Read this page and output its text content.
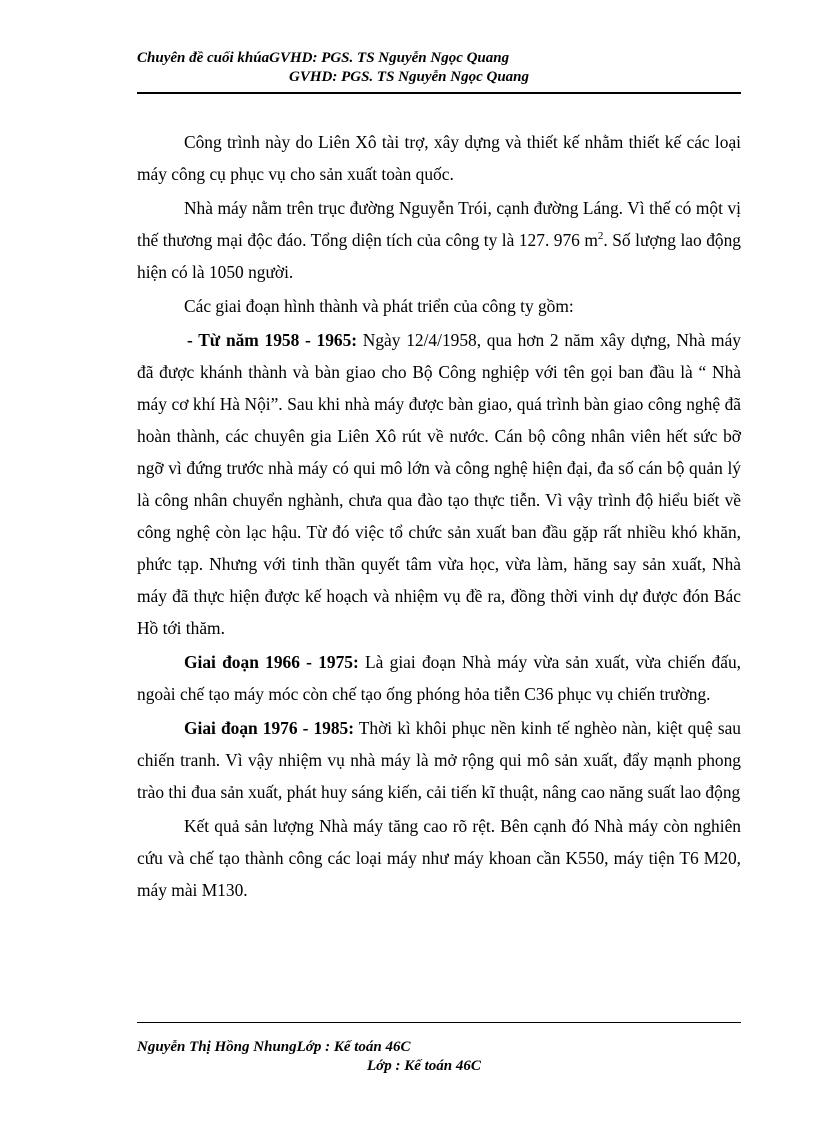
Chuyên đề cuối khúaGVHD: PGS. TS Nguyễn Ngọc Quang
GVHD: PGS. TS Nguyễn Ngọc Quang

Công trình này do Liên Xô tài trợ, xây dựng và thiết kế nhằm thiết kế các loại máy công cụ phục vụ cho sản xuất toàn quốc.

Nhà máy nằm trên trục đường Nguyễn Trói, cạnh đường Láng. Vì thế có một vị thế thương mại độc đáo. Tổng diện tích của công ty là 127. 976 $m^2$. Số lượng lao động hiện có là 1050 người.

Các giai đoạn hình thành và phát triển của công ty gồm:

- Từ năm 1958 - 1965: Ngày 12/4/1958, qua hơn 2 năm xây dựng, Nhà máy đã được khánh thành và bàn giao cho Bộ Công nghiệp với tên gọi ban đầu là “ Nhà máy cơ khí Hà Nội”. Sau khi nhà máy được bàn giao, quá trình bàn giao công nghệ đã hoàn thành, các chuyên gia Liên Xô rút về nước. Cán bộ công nhân viên hết sức bỡ ngỡ vì đứng trước nhà máy có qui mô lớn và công nghệ hiện đại, đa số cán bộ quản lý là công nhân chuyển nghành, chưa qua đào tạo thực tiễn. Vì vậy trình độ hiểu biết về công nghệ còn lạc hậu. Từ đó việc tổ chức sản xuất ban đầu gặp rất nhiều khó khăn, phức tạp. Nhưng với tinh thần quyết tâm vừa học, vừa làm, hăng say sản xuất, Nhà máy đã thực hiện được kế hoạch và nhiệm vụ đề ra, đồng thời vinh dự được đón Bác Hồ tới thăm.

Giai đoạn 1966 - 1975: Là giai đoạn Nhà máy vừa sản xuất, vừa chiến đấu, ngoài chế tạo máy móc còn chế tạo ống phóng hỏa tiễn C36 phục vụ chiến trường.

Giai đoạn 1976 - 1985: Thời kì khôi phục nền kinh tế nghèo nàn, kiệt quệ sau chiến tranh. Vì vậy nhiệm vụ nhà máy là mở rộng qui mô sản xuất, đẩy mạnh phong trào thi đua sản xuất, phát huy sáng kiến, cải tiến kĩ thuật, nâng cao năng suất lao động

Kết quả sản lượng Nhà máy tăng cao rõ rệt. Bên cạnh đó Nhà máy còn nghiên cứu và chế tạo thành công các loại máy như máy khoan cần K550, máy tiện T6 M20, máy mài M130.

Nguyễn Thị Hồng NhungLớp : Kế toán 46C
Lớp : Kế toán 46C
